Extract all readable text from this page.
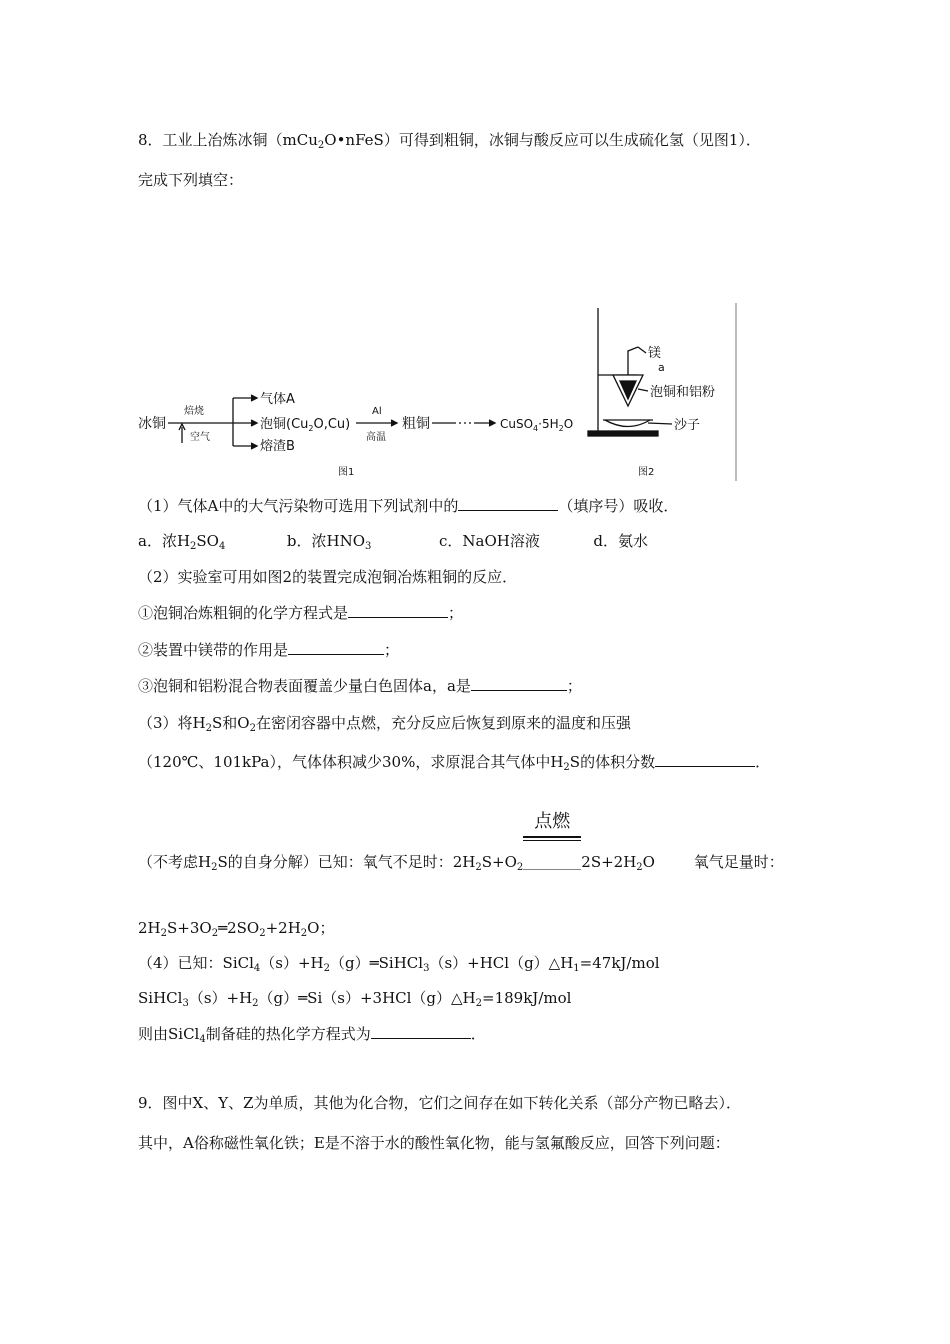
8．工业上冶炼冰铜（mCu$_2$O•nFeS）可得到粗铜，冰铜与酸反应可以生成硫化氢（见图1）．
完成下列填空：
冰铜
焙烧
空气
气体A
泡铜$(Cu_2O,Cu)$
熔渣B
Al
高温
粗铜	$CuSO_4\cdot 5H_2O$
图1	图2
镁
a
泡铜和铝粉
沙子
（1）气体A中的大气污染物可选用下列试剂中的	（填序号）吸收．
a．浓$H_2SO_4$	b．浓$HNO_3$	c．NaOH溶液	d．氨水
（2）实验室可用如图2的装置完成泡铜冶炼粗铜的反应．
①泡铜冶炼粗铜的化学方程式是	；
②装置中镁带的作用是	；
③泡铜和铝粉混合物表面覆盖少量白色固体a，a是	；
（3）将$H_2S$和$O_2$在密闭容器中点燃，充分反应后恢复到原来的温度和压强
（120℃、101kPa），气体体积减少30%，求原混合其气体中$H_2S$的体积分数	．
（不考虑$H_2S$的自身分解）已知：氧气不足时：$2H_2S+O_2$
点燃
$2S+2H_2O$	氧气足量时：
$2H_2S+3O_2═2SO_2+2H_2O$；
（4）已知：$SiCl_4(s)+H_2(g)═SiHCl_3(s)+HCl(g)\triangle H_1=47kJ$/mol
$SiHCl_3(s)+H_2(g)═Si(s)+3HCl(g)\triangle H_2=189kJ$/mol
则由SiCl$_4$制备硅的热化学方程式为	．
9．图中X、Y、Z为单质，其他为化合物，它们之间存在如下转化关系（部分产物已略去）．
其中，A俗称磁性氧化铁；E是不溶于水的酸性氧化物，能与氢氟酸反应，回答下列问题：
